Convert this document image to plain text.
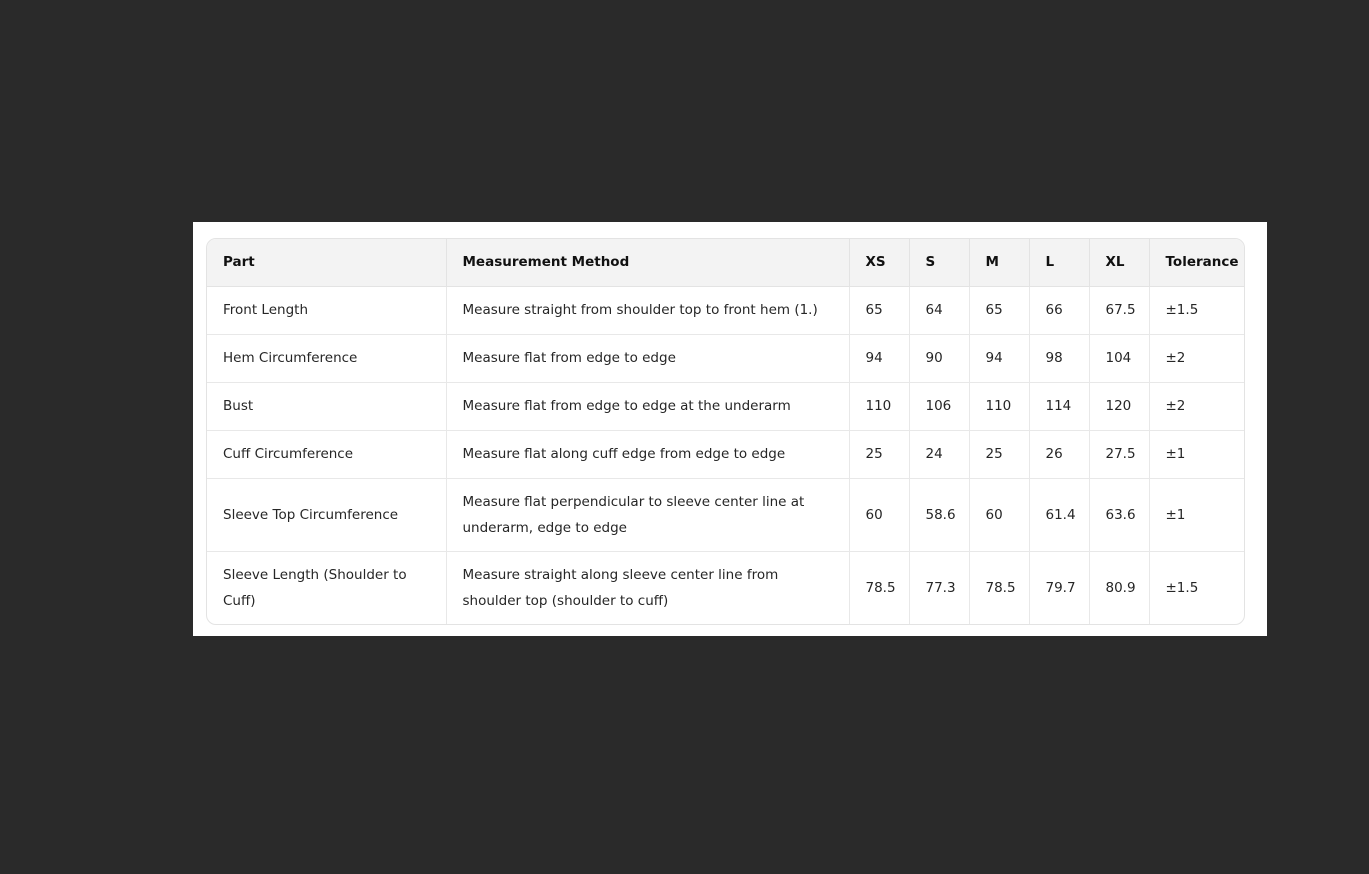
Part	Measurement Method	XS	S	M	L	XL	Tolerance
Front Length	Measure straight from shoulder top to front hem (1.)	65	64	65	66	67.5	±1.5
Hem Circumference	Measure flat from edge to edge	94	90	94	98	104	±2
Bust	Measure flat from edge to edge at the underarm	110	106	110	114	120	±2
Cuff Circumference	Measure flat along cuff edge from edge to edge	25	24	25	26	27.5	±1
Sleeve Top Circumference	Measure flat perpendicular to sleeve center line at underarm, edge to edge	60	58.6	60	61.4	63.6	±1
Sleeve Length (Shoulder to Cuff)	Measure straight along sleeve center line from shoulder top (shoulder to cuff)	78.5	77.3	78.5	79.7	80.9	±1.5
